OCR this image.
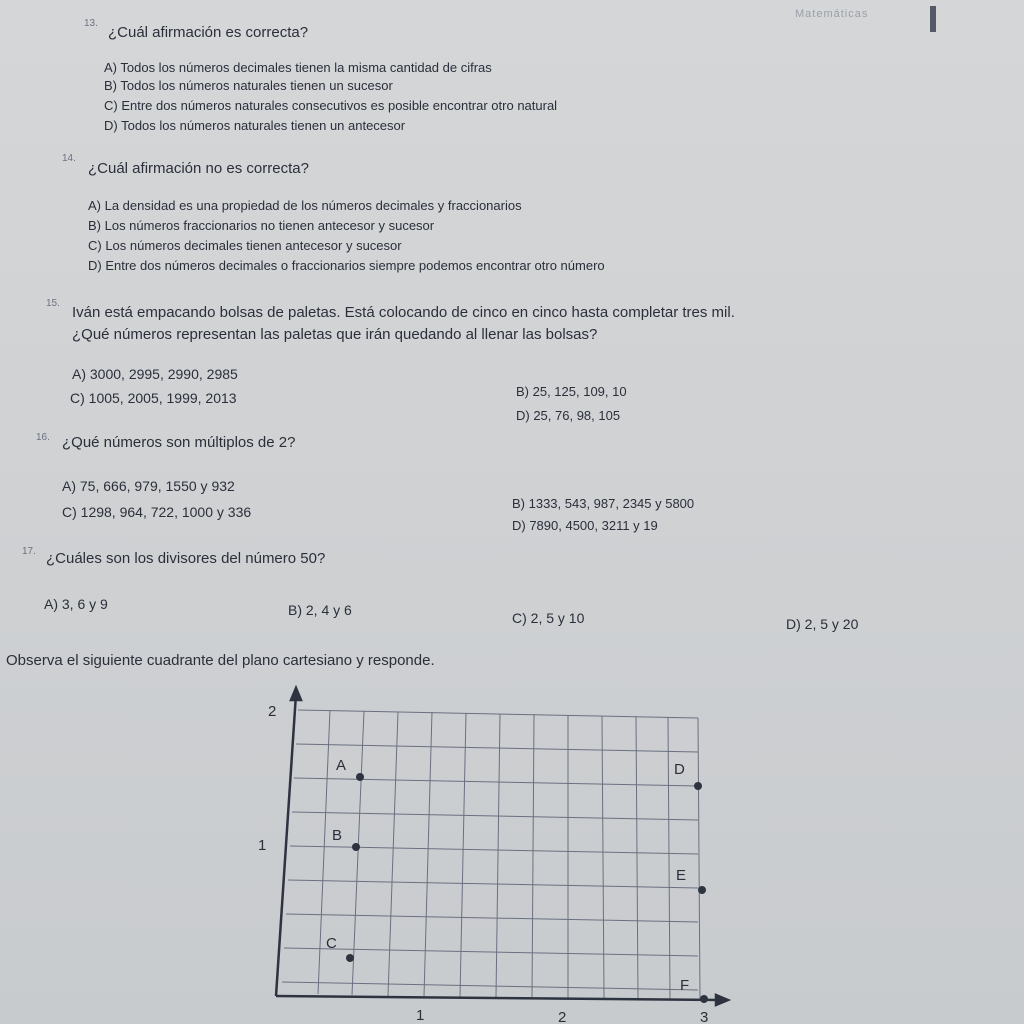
Matemáticas
13.
¿Cuál afirmación es correcta?
A) Todos los números decimales tienen la misma cantidad de cifras
B) Todos los números naturales tienen un sucesor
C) Entre dos números naturales consecutivos es posible encontrar otro natural
D) Todos los números naturales tienen un antecesor
14.
¿Cuál afirmación no es correcta?
A) La densidad es una propiedad de los números decimales y fraccionarios
B) Los números fraccionarios no tienen antecesor y sucesor
C) Los números decimales tienen antecesor y sucesor
D) Entre dos números decimales o fraccionarios siempre podemos encontrar otro número
15.
Iván está empacando bolsas de paletas. Está colocando de cinco en cinco hasta completar tres mil.
¿Qué números representan las paletas que irán quedando al llenar las bolsas?
A) 3000, 2995, 2990, 2985
C) 1005, 2005, 1999, 2013	B) 25, 125, 109, 10
D) 25, 76, 98, 105
16. ¿Qué números son múltiplos de 2?
A) 75, 666, 979, 1550 y 932
C) 1298, 964, 722, 1000 y 336
B) 1333, 543, 987, 2345 y 5800
D) 7890, 4500, 3211 y 19
17. ¿Cuáles son los divisores del número 50?
A) 3, 6 y 9	B) 2, 4 y 6	C) 2, 5 y 10	D) 2, 5 y 20
Observa el siguiente cuadrante del plano cartesiano y responde.
2
1
1	2	3
A
B
C
D
E
F
